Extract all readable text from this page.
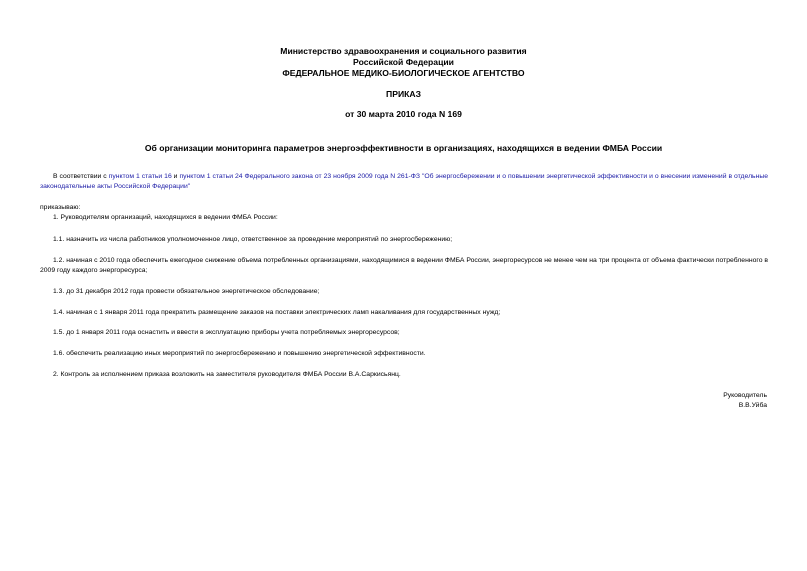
Министерство здравоохранения и социального развития
Российской Федерации
ФЕДЕРАЛЬНОЕ МЕДИКО-БИОЛОГИЧЕСКОЕ АГЕНТСТВО
ПРИКАЗ
от 30 марта 2010 года N 169
Об организации мониторинга параметров энергоэффективности в организациях, находящихся в ведении ФМБА России
В соответствии с пунктом 1 статьи 16 и пунктом 1 статьи 24 Федерального закона от 23 ноября 2009 года N 261-ФЗ "Об энергосбережении и о повышении энергетической эффективности и о внесении изменений в отдельные законодательные акты Российской Федерации"
приказываю:
1. Руководителям организаций, находящихся в ведении ФМБА России:
1.1. назначить из числа работников уполномоченное лицо, ответственное за проведение мероприятий по энергосбережению;
1.2. начиная с 2010 года обеспечить ежегодное снижение объема потребленных организациями, находящимися в ведении ФМБА России, энергоресурсов не менее чем на три процента от объема фактически потребленного в 2009 году каждого энергоресурса;
1.3. до 31 декабря 2012 года провести обязательное энергетическое обследование;
1.4. начиная с 1 января 2011 года прекратить размещение заказов на поставки электрических ламп накаливания для государственных нужд;
1.5. до 1 января 2011 года оснастить и ввести в эксплуатацию приборы учета потребляемых энергоресурсов;
1.6. обеспечить реализацию иных мероприятий по энергосбережению и повышению энергетической эффективности.
2. Контроль за исполнением приказа возложить на заместителя руководителя ФМБА России В.А.Саркисьянц.
Руководитель
В.В.Уйба
